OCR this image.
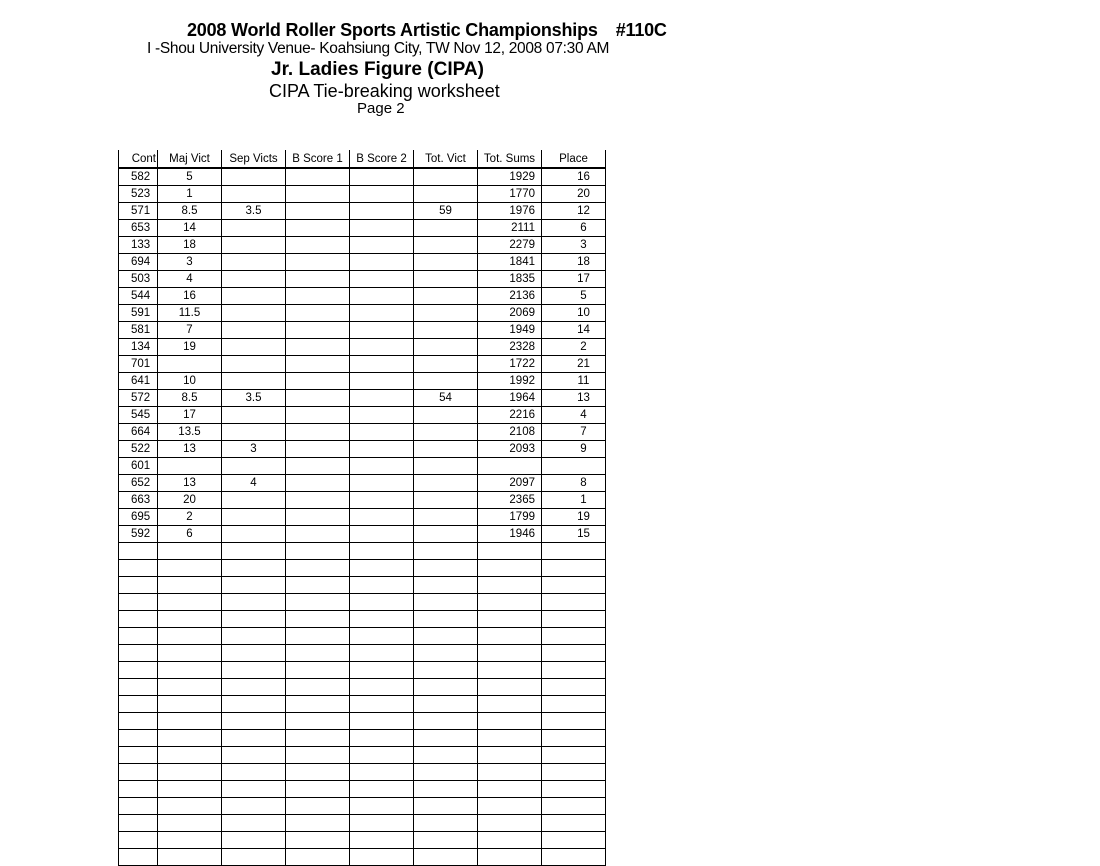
2008 World Roller Sports Artistic Championships #110C
I -Shou University Venue- Koahsiung City, TW Nov 12, 2008 07:30 AM
Jr. Ladies Figure (CIPA)
CIPA Tie-breaking worksheet
Page 2
Cont	Maj Vict	Sep Victs	B Score 1	B Score 2	Tot. Vict	Tot. Sums	Place
582	5					1929	16
523	1					1770	20
571	8.5	3.5			59	1976	12
653	14					2111	6
133	18					2279	3
694	3					1841	18
503	4					1835	17
544	16					2136	5
591	11.5					2069	10
581	7					1949	14
134	19					2328	2
701						1722	21
641	10					1992	11
572	8.5	3.5			54	1964	13
545	17					2216	4
664	13.5					2108	7
522	13	3				2093	9
601							
652	13	4				2097	8
663	20					2365	1
695	2					1799	19
592	6					1946	15
